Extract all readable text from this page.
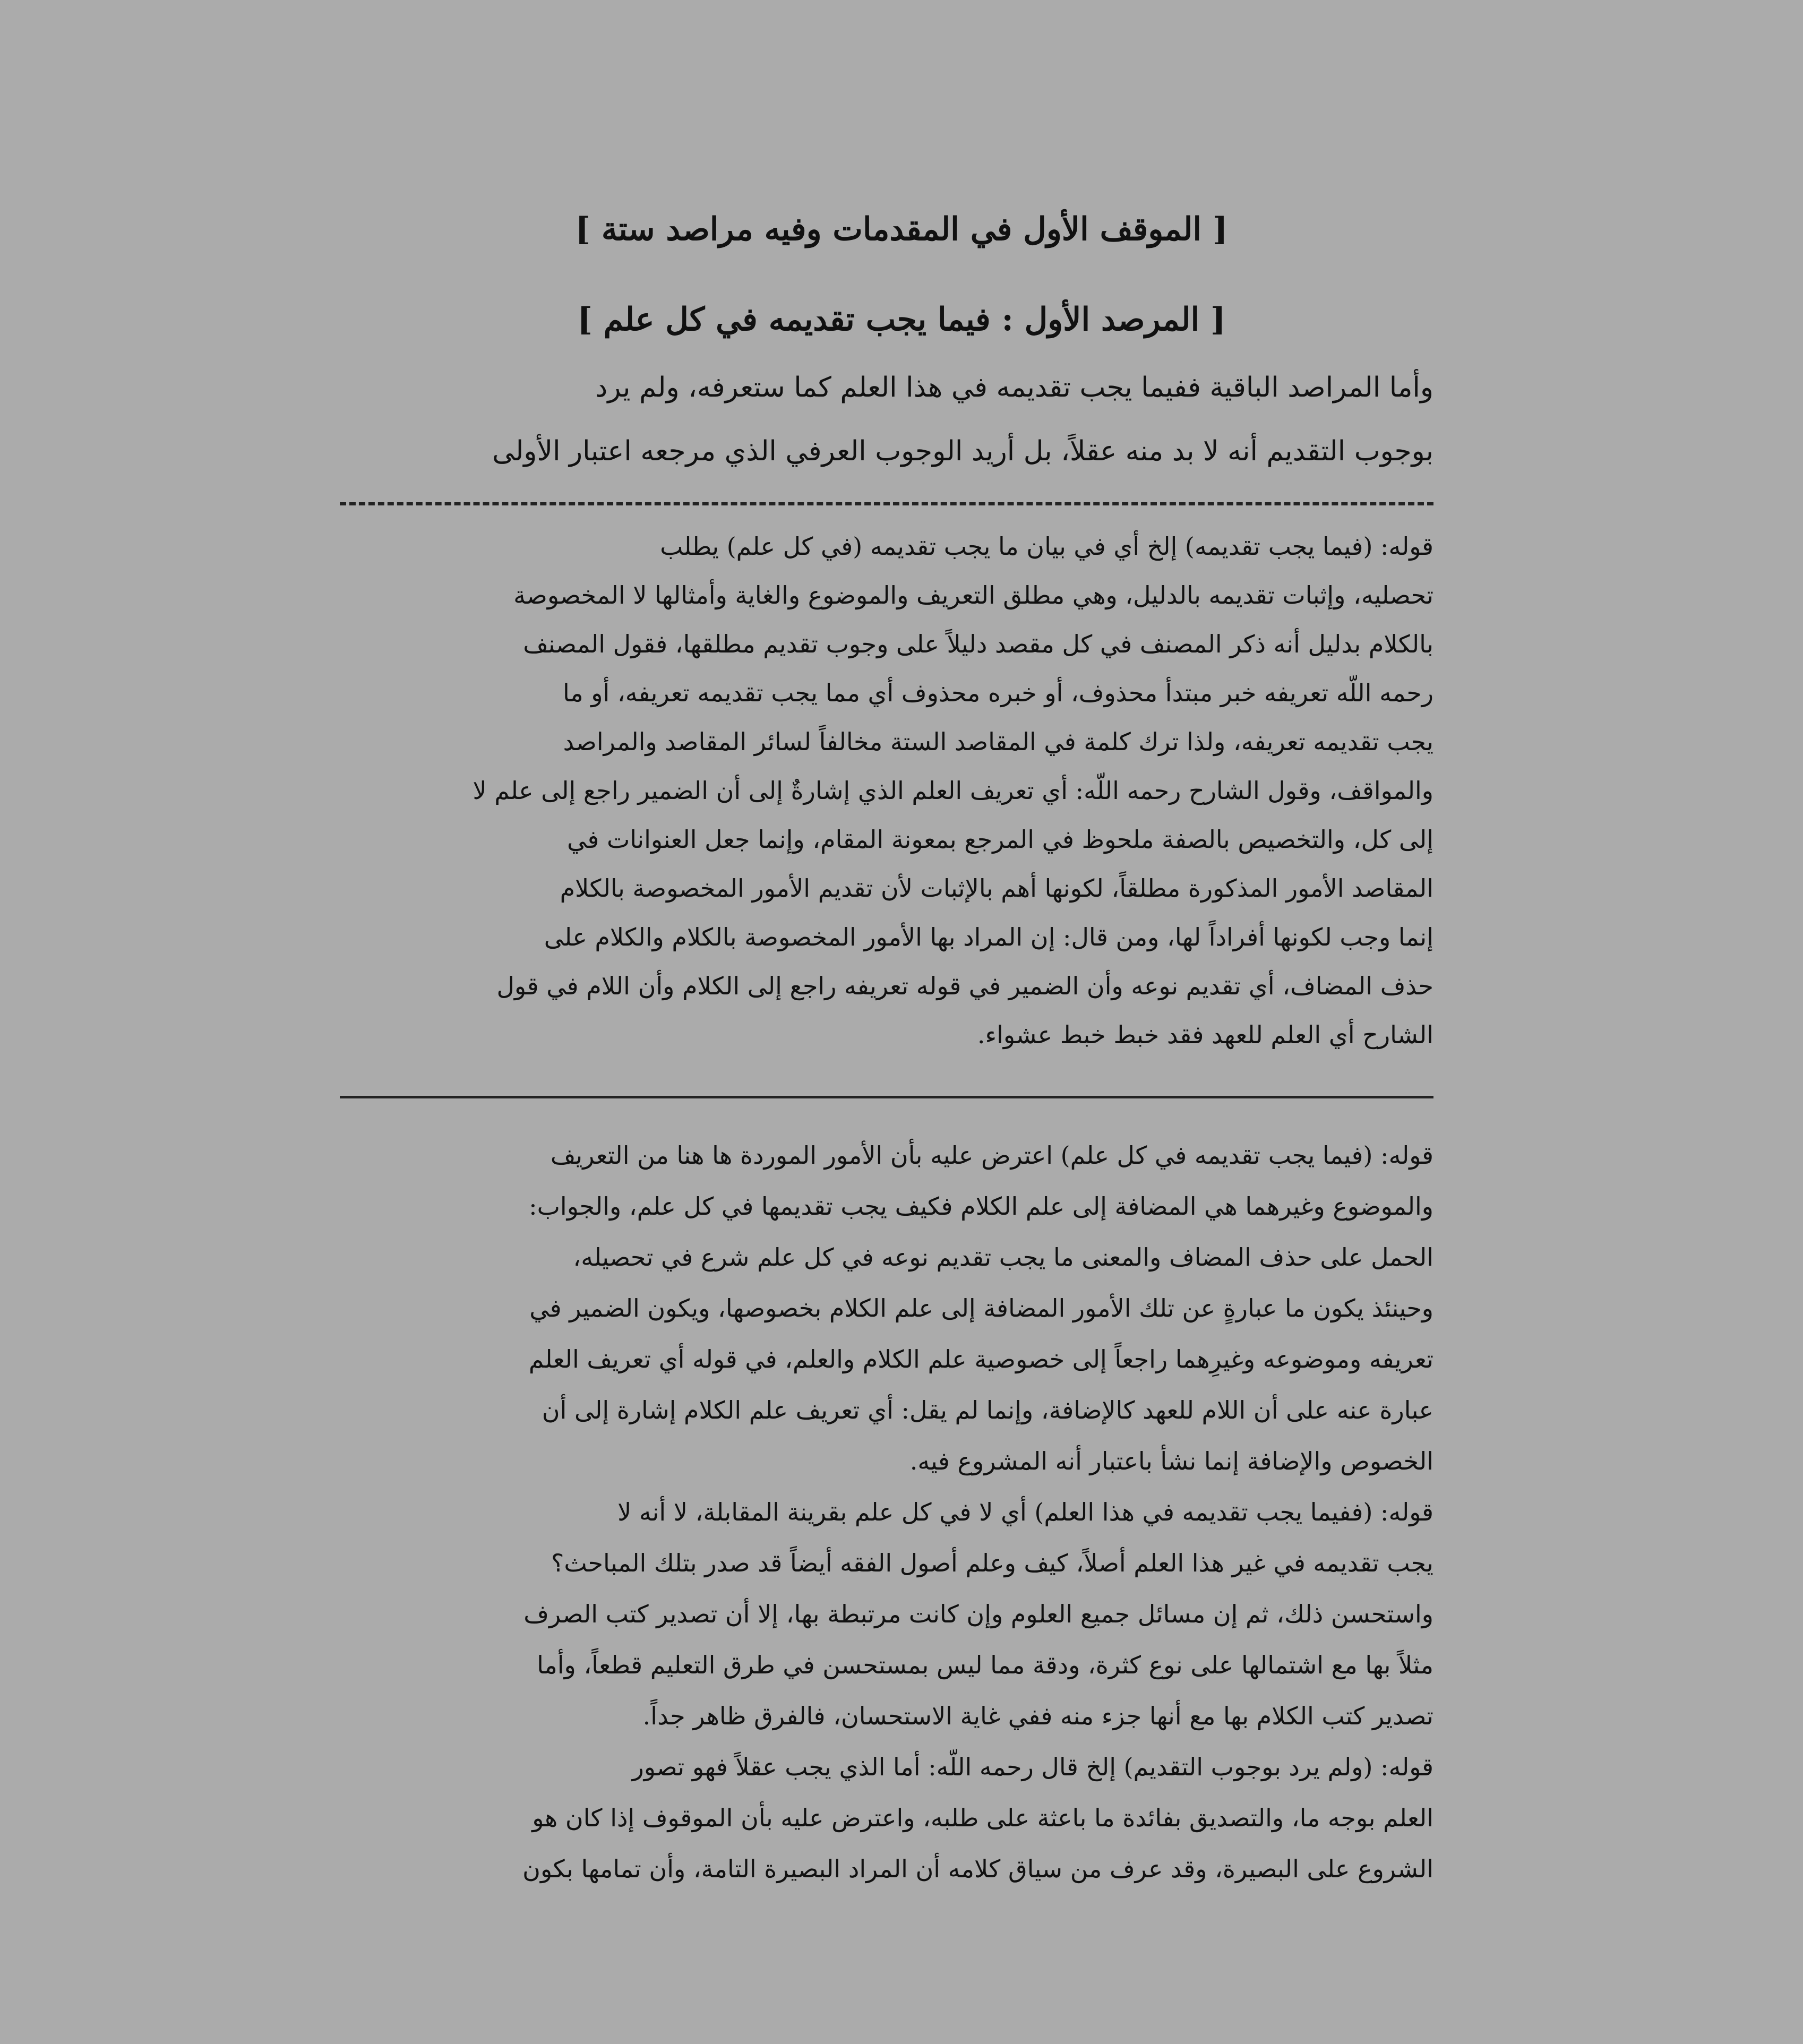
[ الموقف الأول في المقدمات وفيه مراصد ستة ]
[ المرصد الأول : فيما يجب تقديمه في كل علم ]
وأما المراصد الباقية ففيما يجب تقديمه في هذا العلم كما ستعرفه، ولم يرد
بوجوب التقديم أنه لا بد منه عقلاً، بل أريد الوجوب العرفي الذي مرجعه اعتبار الأولى
قوله: (فيما يجب تقديمه) إلخ أي في بيان ما يجب تقديمه (في كل علم) يطلب
تحصليه، وإثبات تقديمه بالدليل، وهي مطلق التعريف والموضوع والغاية وأمثالها لا المخصوصة
بالكلام بدليل أنه ذكر المصنف في كل مقصد دليلاً على وجوب تقديم مطلقها، فقول المصنف
رحمه اللّه تعريفه خبر مبتدأ محذوف، أو خبره محذوف أي مما يجب تقديمه تعريفه، أو ما
يجب تقديمه تعريفه، ولذا ترك كلمة في المقاصد الستة مخالفاً لسائر المقاصد والمراصد
والمواقف، وقول الشارح رحمه اللّه: أي تعريف العلم الذي إشارةٌ إلى أن الضمير راجع إلى علم لا
إلى كل، والتخصيص بالصفة ملحوظ في المرجع بمعونة المقام، وإنما جعل العنوانات في
المقاصد الأمور المذكورة مطلقاً، لكونها أهم بالإثبات لأن تقديم الأمور المخصوصة بالكلام
إنما وجب لكونها أفراداً لها، ومن قال: إن المراد بها الأمور المخصوصة بالكلام والكلام على
حذف المضاف، أي تقديم نوعه وأن الضمير في قوله تعريفه راجع إلى الكلام وأن اللام في قول
الشارح أي العلم للعهد فقد خبط خبط عشواء.
قوله: (فيما يجب تقديمه في كل علم) اعترض عليه بأن الأمور الموردة ها هنا من التعريف
والموضوع وغيرهما هي المضافة إلى علم الكلام فكيف يجب تقديمها في كل علم، والجواب:
الحمل على حذف المضاف والمعنى ما يجب تقديم نوعه في كل علم شرع في تحصيله،
وحينئذ يكون ما عبارةٍ عن تلك الأمور المضافة إلى علم الكلام بخصوصها، ويكون الضمير في
تعريفه وموضوعه وغيرِهما راجعاً إلى خصوصية علم الكلام والعلم، في قوله أي تعريف العلم
عبارة عنه على أن اللام للعهد كالإضافة، وإنما لم يقل: أي تعريف علم الكلام إشارة إلى أن
الخصوص والإضافة إنما نشأ باعتبار أنه المشروع فيه.
قوله: (ففيما يجب تقديمه في هذا العلم) أي لا في كل علم بقرينة المقابلة، لا أنه لا
يجب تقديمه في غير هذا العلم أصلاً، كيف وعلم أصول الفقه أيضاً قد صدر بتلك المباحث؟
واستحسن ذلك، ثم إن مسائل جميع العلوم وإن كانت مرتبطة بها، إلا أن تصدير كتب الصرف
مثلاً بها مع اشتمالها على نوع كثرة، ودقة مما ليس بمستحسن في طرق التعليم قطعاً، وأما
تصدير كتب الكلام بها مع أنها جزء منه ففي غاية الاستحسان، فالفرق ظاهر جداً.
قوله: (ولم يرد بوجوب التقديم) إلخ قال رحمه اللّه: أما الذي يجب عقلاً فهو تصور
العلم بوجه ما، والتصديق بفائدة ما باعثة على طلبه، واعترض عليه بأن الموقوف إذا كان هو
الشروع على البصيرة، وقد عرف من سياق كلامه أن المراد البصيرة التامة، وأن تمامها بكون
